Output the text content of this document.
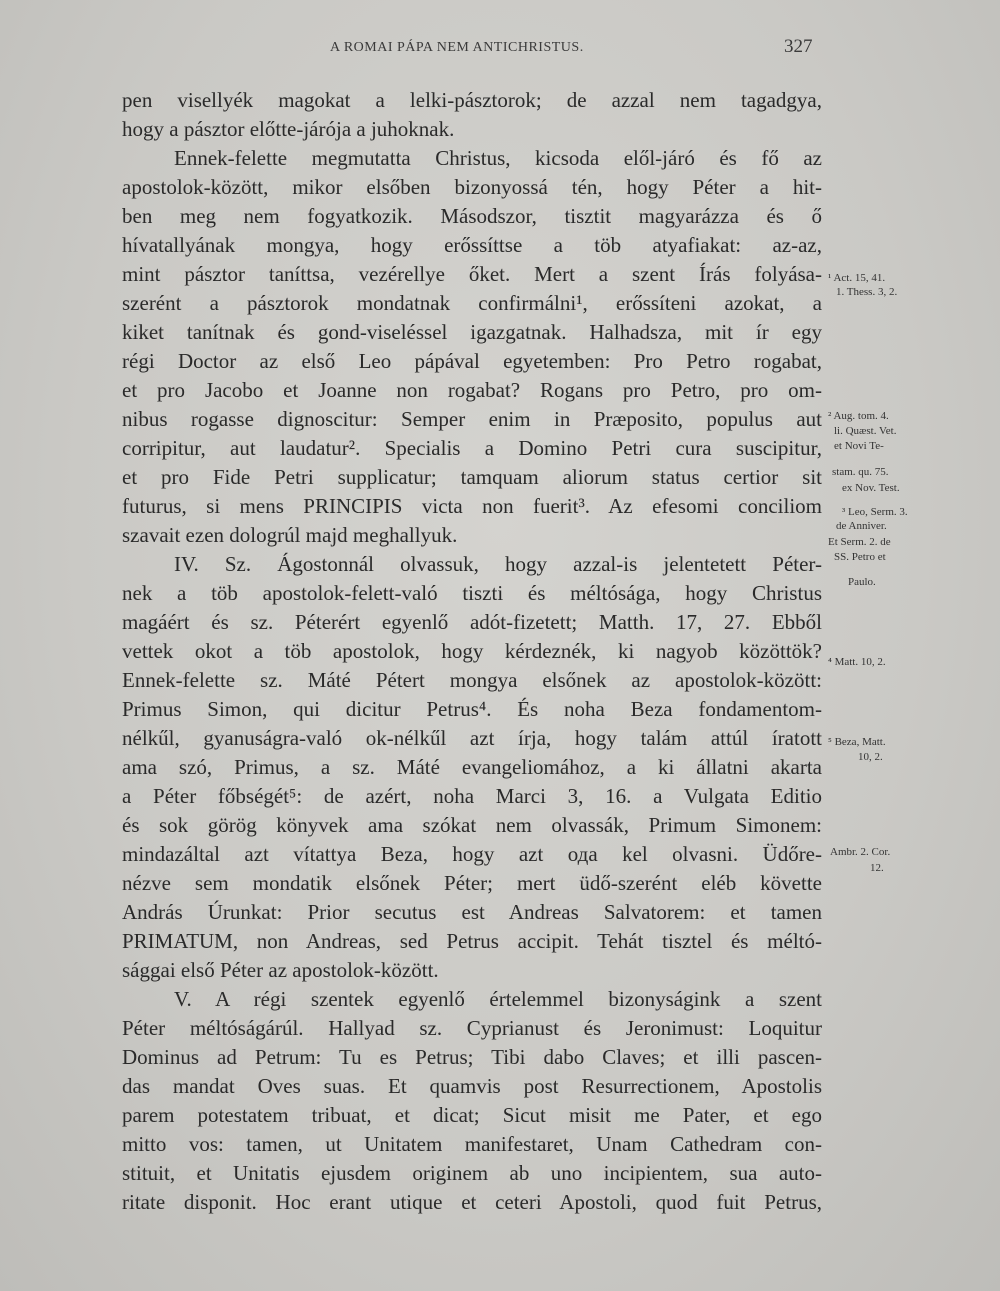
A ROMAI PÁPA NEM ANTICHRISTUS.	327
pen visellyék magokat a lelki-pásztorok; de azzal nem tagadgya,
hogy a pásztor előtte-járója a juhoknak.
Ennek-felette megmutatta Christus, kicsoda elől-járó és fő az
apostolok-között, mikor elsőben bizonyossá tén, hogy Péter a hit-
ben meg nem fogyatkozik. Másodszor, tisztit magyarázza és ő
hívatallyának mongya, hogy erőssíttse a töb atyafiakat: az-az,
mint pásztor taníttsa, vezérellye őket. Mert a szent Írás folyása-
szerént a pásztorok mondatnak confirmálni¹, erőssíteni azokat, a
kiket tanítnak és gond-viseléssel igazgatnak. Halhadsza, mit ír egy
régi Doctor az első Leo pápával egyetemben: Pro Petro rogabat,
et pro Jacobo et Joanne non rogabat? Rogans pro Petro, pro om-
nibus rogasse dignoscitur: Semper enim in Præposito, populus aut
corripitur, aut laudatur². Specialis a Domino Petri cura suscipitur,
et pro Fide Petri supplicatur; tamquam aliorum status certior sit
futurus, si mens PRINCIPIS victa non fuerit³. Az efesomi conciliom
szavait ezen dologrúl majd meghallyuk.
IV. Sz. Ágostonnál olvassuk, hogy azzal-is jelentetett Péter-
nek a töb apostolok-felett-való tiszti és méltósága, hogy Christus
magáért és sz. Péterért egyenlő adót-fizetett; Matth. 17, 27. Ebből
vettek okot a töb apostolok, hogy kérdeznék, ki nagyob közöttök?
Ennek-felette sz. Máté Pétert mongya elsőnek az apostolok-között:
Primus Simon, qui dicitur Petrus⁴. És noha Beza fondamentom-
nélkűl, gyanuságra-való ok-nélkűl azt írja, hogy talám attúl íratott
ama szó, Primus, a sz. Máté evangeliomához, a ki állatni akarta
a Péter főbségét⁵: de azért, noha Marci 3, 16. a Vulgata Editio
és sok görög könyvek ama szókat nem olvassák, Primum Simonem:
mindazáltal azt vítattya Beza, hogy azt ода kel olvasni. Üdőre-
nézve sem mondatik elsőnek Péter; mert üdő-szerént eléb követte
András Úrunkat: Prior secutus est Andreas Salvatorem: et tamen
PRIMATUM, non Andreas, sed Petrus accipit. Tehát tisztel és méltó-
sággai első Péter az apostolok-között.
V. A régi szentek egyenlő értelemmel bizonyságink a szent
Péter méltóságárúl. Hallyad sz. Cyprianust és Jeronimust: Loquitur
Dominus ad Petrum: Tu es Petrus; Tibi dabo Claves; et illi pascen-
das mandat Oves suas. Et quamvis post Resurrectionem, Apostolis
parem potestatem tribuat, et dicat; Sicut misit me Pater, et ego
mitto vos: tamen, ut Unitatem manifestaret, Unam Cathedram con-
stituit, et Unitatis ejusdem originem ab uno incipientem, sua auto-
ritate disponit. Hoc erant utique et ceteri Apostoli, quod fuit Petrus,
¹ Act. 15, 41.
1. Thess. 3, 2.
² Aug. tom. 4.
li. Quæst. Vet.
et Novi Te-
stam. qu. 75.
ex Nov. Test.
³ Leo, Serm. 3.
de Anniver.
Et Serm. 2. de
SS. Petro et
Paulo.
⁴ Matt. 10, 2.
⁵ Beza, Matt.
10, 2.
Ambr. 2. Cor.
12.
